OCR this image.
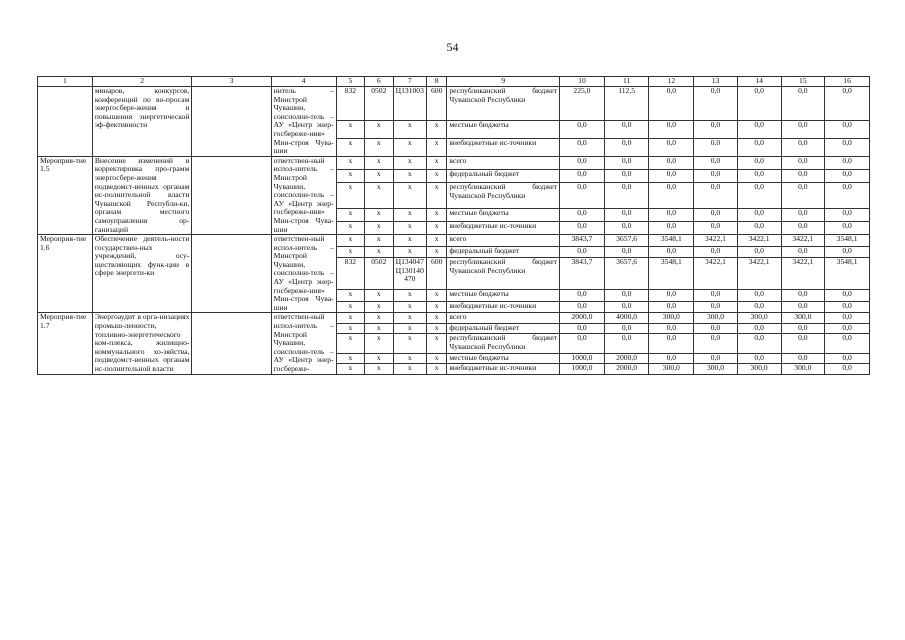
54
1	2	3	4	5	6	7	8	9	10	11	12	13	14	15	16
	минаров, конкурсов, конференций по во-просам энергосбере-жения и повышения энергетической эф-фективности		нитель – Минстрой Чувашии, соисполни-тель – АУ «Центр энер-госбереже-ния» Мин-строя Чува-шии	832	0502	Ц131003	600	республиканский бюджет Чувашской Республики	225,0	112,5	0,0	0,0	0,0	0,0	0,0
				x	x	x	x	местные бюджеты	0,0	0,0	0,0	0,0	0,0	0,0	0,0
				x	x	x	x	внебюджетные ис-точники	0,0	0,0	0,0	0,0	0,0	0,0	0,0
Мероприя-тие 1.5	Внесение изменений и корректировка про-грамм энергосбере-жения подведомст-венных органам ис-полнительной власти Чувашской Республи-ки, органам местного самоуправления ор-ганизаций		ответствен-ный испол-нитель – Минстрой Чувашии, соисполни-тель – АУ «Центр энер-госбереже-ния» Мин-строя Чува-шии	x	x	x	x	всего	0,0	0,0	0,0	0,0	0,0	0,0	0,0
				x	x	x	x	федеральный бюджет	0,0	0,0	0,0	0,0	0,0	0,0	0,0
				x	x	x	x	республиканский бюджет Чувашской Республики	0,0	0,0	0,0	0,0	0,0	0,0	0,0
				x	x	x	x	местные бюджеты	0,0	0,0	0,0	0,0	0,0	0,0	0,0
				x	x	x	x	внебюджетные ис-точники	0,0	0,0	0,0	0,0	0,0	0,0	0,0
Мероприя-тие 1.6	Обеспечение деятель-ности государствен-ных учреждений, осу-ществляющих функ-ции в сфере энергети-ки		ответствен-ный испол-нитель – Минстрой Чувашии, соисполни-тель – АУ «Центр энер-госбереже-ния» Мин-строя Чува-шии	x	x	x	x	всего	3843,7	3657,6	3548,1	3422,1	3422,1	3422,1	3548,1
				x	x	x	x	федеральный бюджет	0,0	0,0	0,0	0,0	0,0	0,0	0,0
				832	0502	Ц134047 Ц130140 470	600	республиканский бюджет Чувашской Республики	3843,7	3657,6	3548,1	3422,1	3422,1	3422,1	3548,1
				x	x	x	x	местные бюджеты	0,0	0,0	0,0	0,0	0,0	0,0	0,0
				x	x	x	x	внебюджетные ис-точники	0,0	0,0	0,0	0,0	0,0	0,0	0,0
Мероприя-тие 1.7	Энергоаудит в орга-низациях промыш-ленности, топливно-энергетического ком-плекса, жилищно-коммунального хо-зяйства, подведомст-венных органам ис-полнительной власти		ответствен-ный испол-нитель – Минстрой Чувашии, соисполни-тель – АУ «Центр энер-госбереже-	x	x	x	x	всего	2000,0	4000,0	300,0	300,0	300,0	300,0	0,0
				x	x	x	x	федеральный бюджет	0,0	0,0	0,0	0,0	0,0	0,0	0,0
				x	x	x	x	республиканский бюджет Чувашской Республики	0,0	0,0	0,0	0,0	0,0	0,0	0,0
				x	x	x	x	местные бюджеты	1000,0	2000,0	0,0	0,0	0,0	0,0	0,0
				x	x	x	x	внебюджетные ис-точники	1000,0	2000,0	300,0	300,0	300,0	300,0	0,0
